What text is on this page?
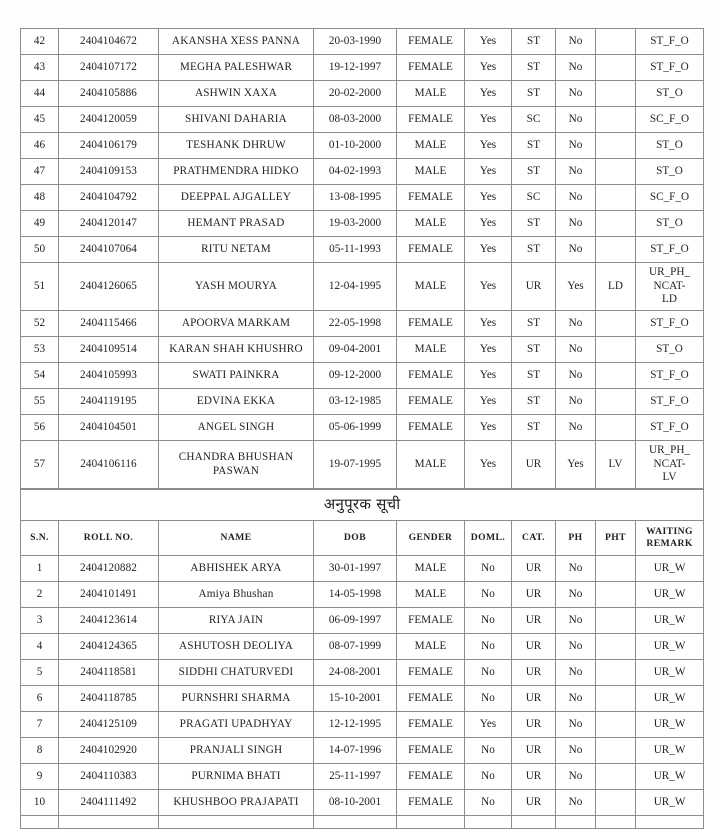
42	2404104672	AKANSHA XESS PANNA	20-03-1990	FEMALE	Yes	ST	No		ST_F_O
43	2404107172	MEGHA PALESHWAR	19-12-1997	FEMALE	Yes	ST	No		ST_F_O
44	2404105886	ASHWIN XAXA	20-02-2000	MALE	Yes	ST	No		ST_O
45	2404120059	SHIVANI DAHARIA	08-03-2000	FEMALE	Yes	SC	No		SC_F_O
46	2404106179	TESHANK DHRUW	01-10-2000	MALE	Yes	ST	No		ST_O
47	2404109153	PRATHMENDRA HIDKO	04-02-1993	MALE	Yes	ST	No		ST_O
48	2404104792	DEEPPAL AJGALLEY	13-08-1995	FEMALE	Yes	SC	No		SC_F_O
49	2404120147	HEMANT PRASAD	19-03-2000	MALE	Yes	ST	No		ST_O
50	2404107064	RITU NETAM	05-11-1993	FEMALE	Yes	ST	No		ST_F_O
51	2404126065	YASH MOURYA	12-04-1995	MALE	Yes	UR	Yes	LD	UR_PH_
NCAT-
LD

52	2404115466	APOORVA MARKAM	22-05-1998	FEMALE	Yes	ST	No		ST_F_O
53	2404109514	KARAN SHAH KHUSHRO	09-04-2001	MALE	Yes	ST	No		ST_O
54	2404105993	SWATI PAINKRA	09-12-2000	FEMALE	Yes	ST	No		ST_F_O
55	2404119195	EDVINA EKKA	03-12-1985	FEMALE	Yes	ST	No		ST_F_O
56	2404104501	ANGEL SINGH	05-06-1999	FEMALE	Yes	ST	No		ST_F_O
57	2404106116	CHANDRA BHUSHAN
PASWAN	19-07-1995	MALE	Yes	UR	Yes	LV	UR_PH_
NCAT-
LV
अनुपूरक सूची									
S.N.	ROLL NO.	NAME	DOB	GENDER	DOML.	CAT.	PH	PHT	WAITING
REMARK

1	2404120882	ABHISHEK ARYA	30-01-1997	MALE	No	UR	No		UR_W
2	2404101491	Amiya Bhushan	14-05-1998	MALE	No	UR	No		UR_W
3	2404123614	RIYA JAIN	06-09-1997	FEMALE	No	UR	No		UR_W
4	2404124365	ASHUTOSH DEOLIYA	08-07-1999	MALE	No	UR	No		UR_W
5	2404118581	SIDDHI CHATURVEDI	24-08-2001	FEMALE	No	UR	No		UR_W
6	2404118785	PURNSHRI SHARMA	15-10-2001	FEMALE	No	UR	No		UR_W
7	2404125109	PRAGATI UPADHYAY	12-12-1995	FEMALE	Yes	UR	No		UR_W
8	2404102920	PRANJALI SINGH	14-07-1996	FEMALE	No	UR	No		UR_W
9	2404110383	PURNIMA BHATI	25-11-1997	FEMALE	No	UR	No		UR_W
10	2404111492	KHUSHBOO PRAJAPATI	08-10-2001	FEMALE	No	UR	No		UR_W
